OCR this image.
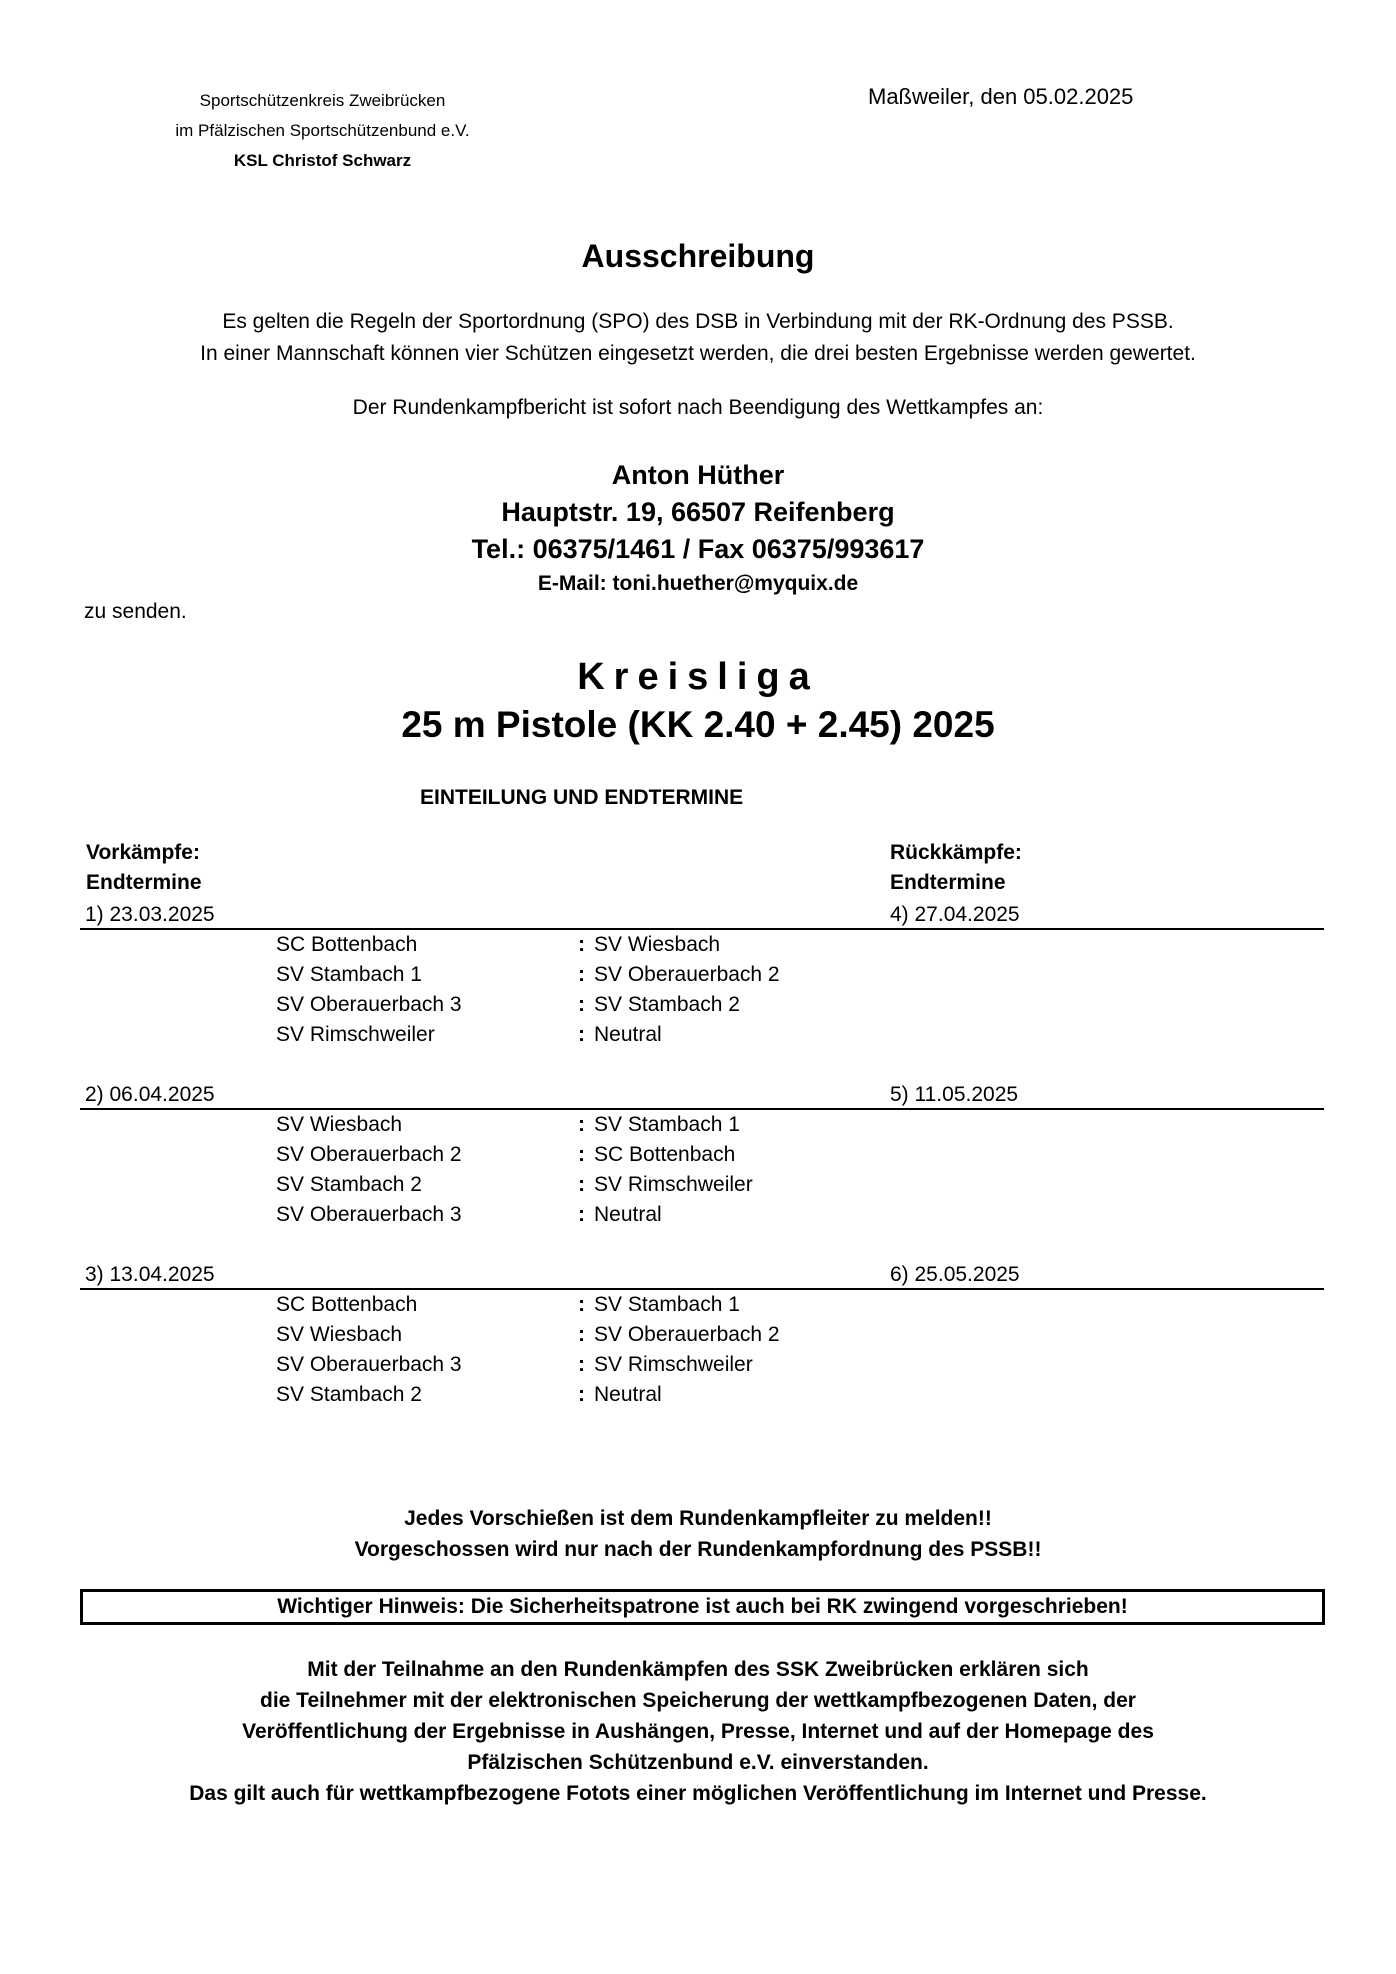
Sportschützenkreis Zweibrücken
im Pfälzischen Sportschützenbund e.V.
KSL Christof Schwarz
Maßweiler, den 05.02.2025
Ausschreibung
Es gelten die Regeln der Sportordnung (SPO) des DSB in Verbindung mit der RK-Ordnung des PSSB.
In einer Mannschaft können vier Schützen eingesetzt werden, die drei besten Ergebnisse werden gewertet.
Der Rundenkampfbericht ist sofort nach Beendigung des Wettkampfes an:
Anton Hüther
Hauptstr. 19, 66507 Reifenberg
Tel.: 06375/1461 / Fax 06375/993617
E-Mail: toni.huether@myquix.de
zu senden.
Kreisliga
25 m Pistole (KK 2.40 + 2.45) 2025
EINTEILUNG UND ENDTERMINE
Vorkämpfe:
Endtermine
Rückkämpfe:
Endtermine
1) 23.03.2025	4) 27.04.2025
SC Bottenbach	: SV Wiesbach
SV Stambach 1	: SV Oberauerbach 2
SV Oberauerbach 3	: SV Stambach 2
SV Rimschweiler	: Neutral
2) 06.04.2025	5) 11.05.2025
SV Wiesbach	: SV Stambach 1
SV Oberauerbach 2	: SC Bottenbach
SV Stambach 2	: SV Rimschweiler
SV Oberauerbach 3	: Neutral
3) 13.04.2025	6) 25.05.2025
SC Bottenbach	: SV Stambach 1
SV Wiesbach	: SV Oberauerbach 2
SV Oberauerbach 3	: SV Rimschweiler
SV Stambach 2	: Neutral
Jedes Vorschießen ist dem Rundenkampfleiter zu melden!!
Vorgeschossen wird nur nach der Rundenkampfordnung des PSSB!!
Wichtiger Hinweis: Die Sicherheitspatrone ist auch bei RK zwingend vorgeschrieben!
Mit der Teilnahme an den Rundenkämpfen des SSK Zweibrücken erklären sich
die Teilnehmer mit der elektronischen Speicherung der wettkampfbezogenen Daten, der
Veröffentlichung der Ergebnisse in Aushängen, Presse, Internet und auf der Homepage des
Pfälzischen Schützenbund e.V. einverstanden.
Das gilt auch für wettkampfbezogene Fotots einer möglichen Veröffentlichung im Internet und Presse.
